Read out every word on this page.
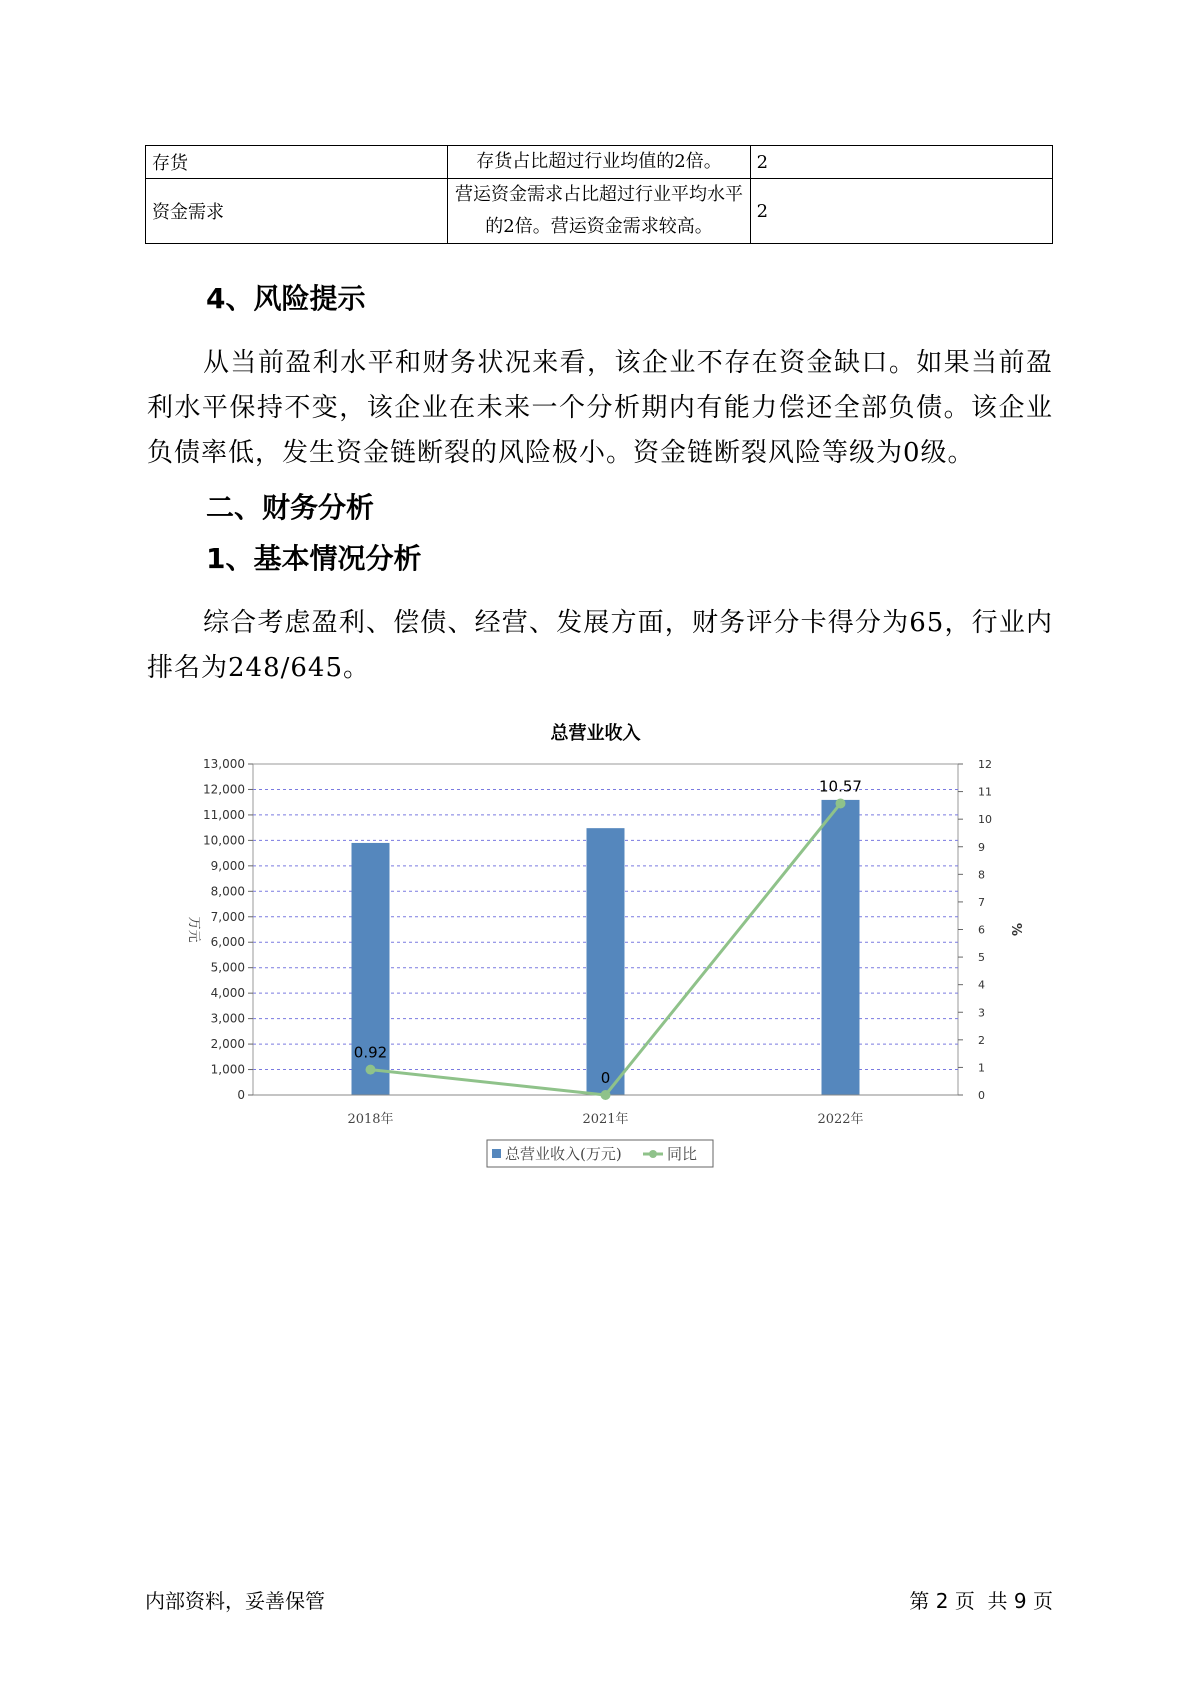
存货	存货占比超过行业均值的2倍。	2
资金需求	营运资金需求占比超过行业平均水平的2倍。营运资金需求较高。	2
4、风险提示

从当前盈利水平和财务状况来看，该企业不存在资金缺口。如果当前盈利水平保持不变，该企业在未来一个分析期内有能力偿还全部负债。该企业负债率低，发生资金链断裂的风险极小。资金链断裂风险等级为0级。

二、财务分析
1、基本情况分析

综合考虑盈利、偿债、经营、发展方面，财务评分卡得分为65，行业内排名为248/645。

总营业收入
0
1,000
2,000
3,000
4,000
5,000
6,000
7,000
8,000
9,000
10,000
11,000
12,000
13,000
0
1
2
3
4
5
6
7
8
9
10
11
12
万元	%
2018年	2021年	2022年
0.92
0
10.57
总营业收入(万元)	同比
内部资料，妥善保管	第 2 页  共 9 页
